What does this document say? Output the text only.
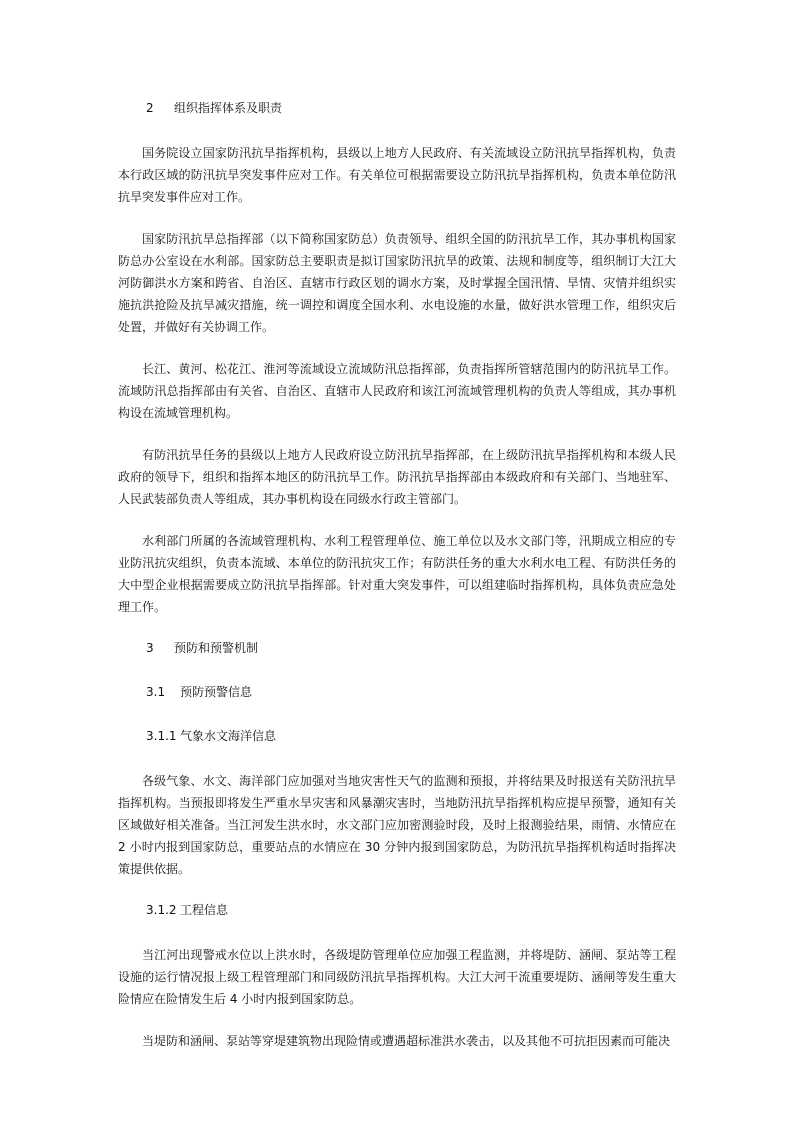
2 组织指挥体系及职责

国务院设立国家防汛抗旱指挥机构，县级以上地方人民政府、有关流域设立防汛抗旱指挥机构，负责本行政区域的防汛抗旱突发事件应对工作。有关单位可根据需要设立防汛抗旱指挥机构，负责本单位防汛抗旱突发事件应对工作。

国家防汛抗旱总指挥部（以下简称国家防总）负责领导、组织全国的防汛抗旱工作，其办事机构国家防总办公室设在水利部。国家防总主要职责是拟订国家防汛抗旱的政策、法规和制度等，组织制订大江大河防御洪水方案和跨省、自治区、直辖市行政区划的调水方案，及时掌握全国汛情、旱情、灾情并组织实施抗洪抢险及抗旱减灾措施，统一调控和调度全国水利、水电设施的水量，做好洪水管理工作，组织灾后处置，并做好有关协调工作。

长江、黄河、松花江、淮河等流域设立流域防汛总指挥部，负责指挥所管辖范围内的防汛抗旱工作。流域防汛总指挥部由有关省、自治区、直辖市人民政府和该江河流域管理机构的负责人等组成，其办事机构设在流域管理机构。

有防汛抗旱任务的县级以上地方人民政府设立防汛抗旱指挥部，在上级防汛抗旱指挥机构和本级人民政府的领导下，组织和指挥本地区的防汛抗旱工作。防汛抗旱指挥部由本级政府和有关部门、当地驻军、人民武装部负责人等组成，其办事机构设在同级水行政主管部门。

水利部门所属的各流域管理机构、水利工程管理单位、施工单位以及水文部门等，汛期成立相应的专业防汛抗灾组织，负责本流域、本单位的防汛抗灾工作；有防洪任务的重大水利水电工程、有防洪任务的大中型企业根据需要成立防汛抗旱指挥部。针对重大突发事件，可以组建临时指挥机构，具体负责应急处理工作。

3 预防和预警机制
3.1 预防预警信息
3.1.1 气象水文海洋信息

各级气象、水文、海洋部门应加强对当地灾害性天气的监测和预报，并将结果及时报送有关防汛抗旱指挥机构。当预报即将发生严重水旱灾害和风暴潮灾害时，当地防汛抗旱指挥机构应提早预警，通知有关区域做好相关准备。当江河发生洪水时，水文部门应加密测验时段，及时上报测验结果，雨情、水情应在 2 小时内报到国家防总，重要站点的水情应在 30 分钟内报到国家防总，为防汛抗旱指挥机构适时指挥决策提供依据。

3.1.2 工程信息

当江河出现警戒水位以上洪水时，各级堤防管理单位应加强工程监测，并将堤防、涵闸、泵站等工程设施的运行情况报上级工程管理部门和同级防汛抗旱指挥机构。大江大河干流重要堤防、涵闸等发生重大险情应在险情发生后 4 小时内报到国家防总。

当堤防和涵闸、泵站等穿堤建筑物出现险情或遭遇超标准洪水袭击，以及其他不可抗拒因素而可能决
